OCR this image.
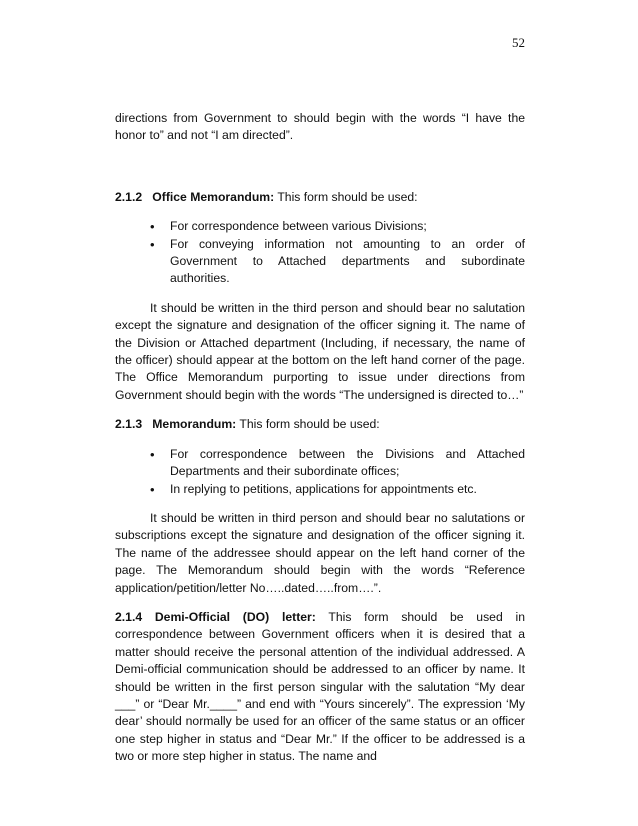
52

directions from Government to should begin with the words “I have the honor to” and not “I am directed”.

2.1.2 Office Memorandum: This form should be used:

• For correspondence between various Divisions;
• For conveying information not amounting to an order of Government to Attached departments and subordinate authorities.

It should be written in the third person and should bear no salutation except the signature and designation of the officer signing it. The name of the Division or Attached department (Including, if necessary, the name of the officer) should appear at the bottom on the left hand corner of the page. The Office Memorandum purporting to issue under directions from Government should begin with the words “The undersigned is directed to…”

2.1.3 Memorandum: This form should be used:

• For correspondence between the Divisions and Attached Departments and their subordinate offices;
• In replying to petitions, applications for appointments etc.

It should be written in third person and should bear no salutations or subscriptions except the signature and designation of the officer signing it. The name of the addressee should appear on the left hand corner of the page. The Memorandum should begin with the words “Reference application/petition/letter No…..dated…..from….”.

2.1.4 Demi-Official (DO) letter: This form should be used in correspondence between Government officers when it is desired that a matter should receive the personal attention of the individual addressed. A Demi-official communication should be addressed to an officer by name. It should be written in the first person singular with the salutation “My dear ___” or “Dear Mr.____” and end with “Yours sincerely”. The expression ‘My dear’ should normally be used for an officer of the same status or an officer one step higher in status and “Dear Mr.” If the officer to be addressed is a two or more step higher in status. The name and
